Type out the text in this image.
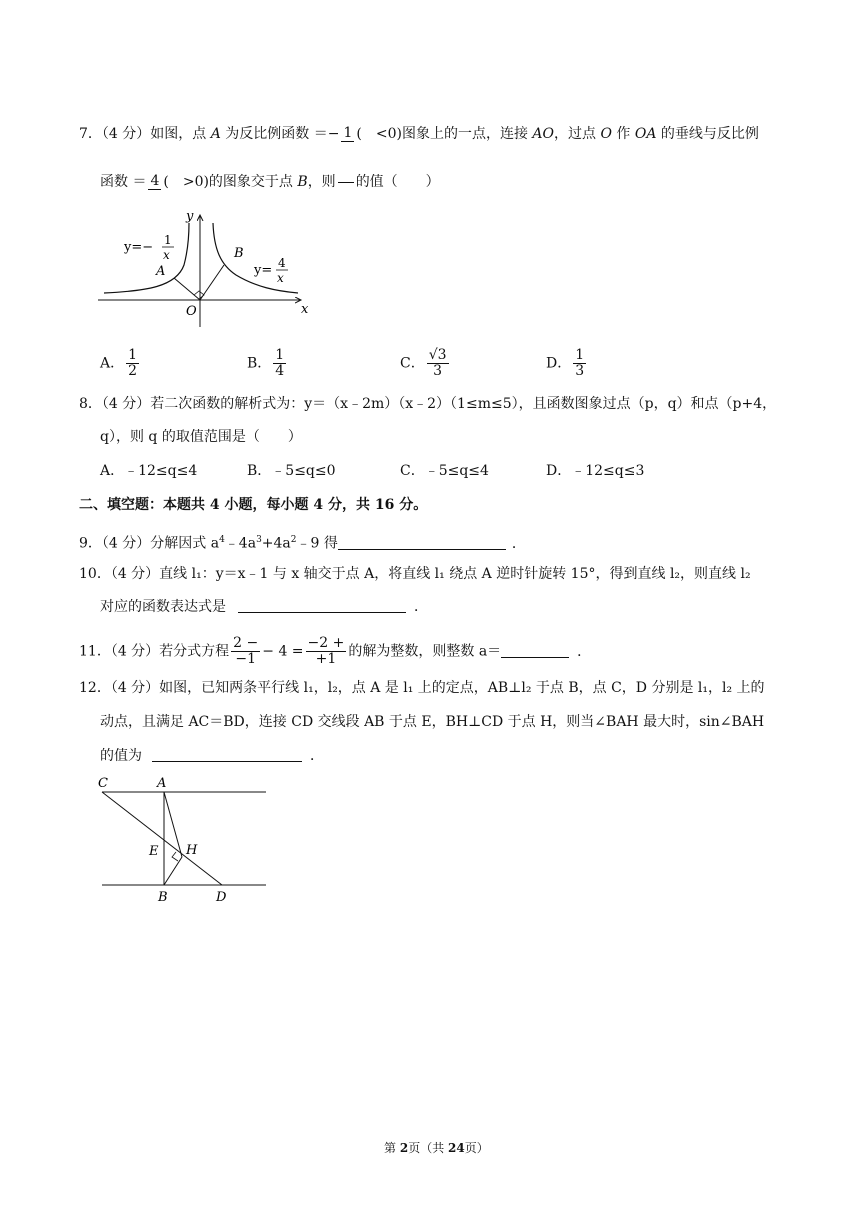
7．（4 分）如图，点 A 为反比例函数 ＝− 1 (　<0)图象上的一点，连接 AO，过点 O 作 OA 的垂线与反比例
函数 ＝ 4 (　>0)的图象交于点 B，则 的值（　　）
y
x
O
A
B
y=− 1
x
y= 4
x
A． $\frac{1}{2}$	B． $\frac{1}{4}$	C． $\frac{√3}{3}$	D． $\frac{1}{3}$
8．（4 分）若二次函数的解析式为：y＝（x﹣2m）（x﹣2）（1≤m≤5），且函数图象过点（p，q）和点（p+4，
q），则 q 的取值范围是（　　）
A．﹣12≤q≤4	B．﹣5≤q≤0	C．﹣5≤q≤4	D．﹣12≤q≤3
二、填空题：本题共 4 小题，每小题 4 分，共 16 分。
9．（4 分）分解因式 $a^4﹣4a^3+4a^2﹣9$ 得	．
10．（4 分）直线 l₁：y＝x﹣1 与 x 轴交于点 A，将直线 l₁ 绕点 A 逆时针旋转 15°，得到直线 l₂，则直线 l₂
对应的函数表达式是	．
11．（4 分）若分式方程 $\frac{2 -}{-1} - 4 = \frac{-2 +}{+1}$ 的解为整数，则整数 a＝	．
12．（4 分）如图，已知两条平行线 l₁，l₂，点 A 是 l₁ 上的定点，AB⊥l₂ 于点 B，点 C，D 分别是 l₁，l₂ 上的
动点，且满足 AC＝BD，连接 CD 交线段 AB 于点 E，BH⊥CD 于点 H，则当∠BAH 最大时，sin∠BAH
的值为	．
C	A
E H
B	D
第 2页（共 24页）
